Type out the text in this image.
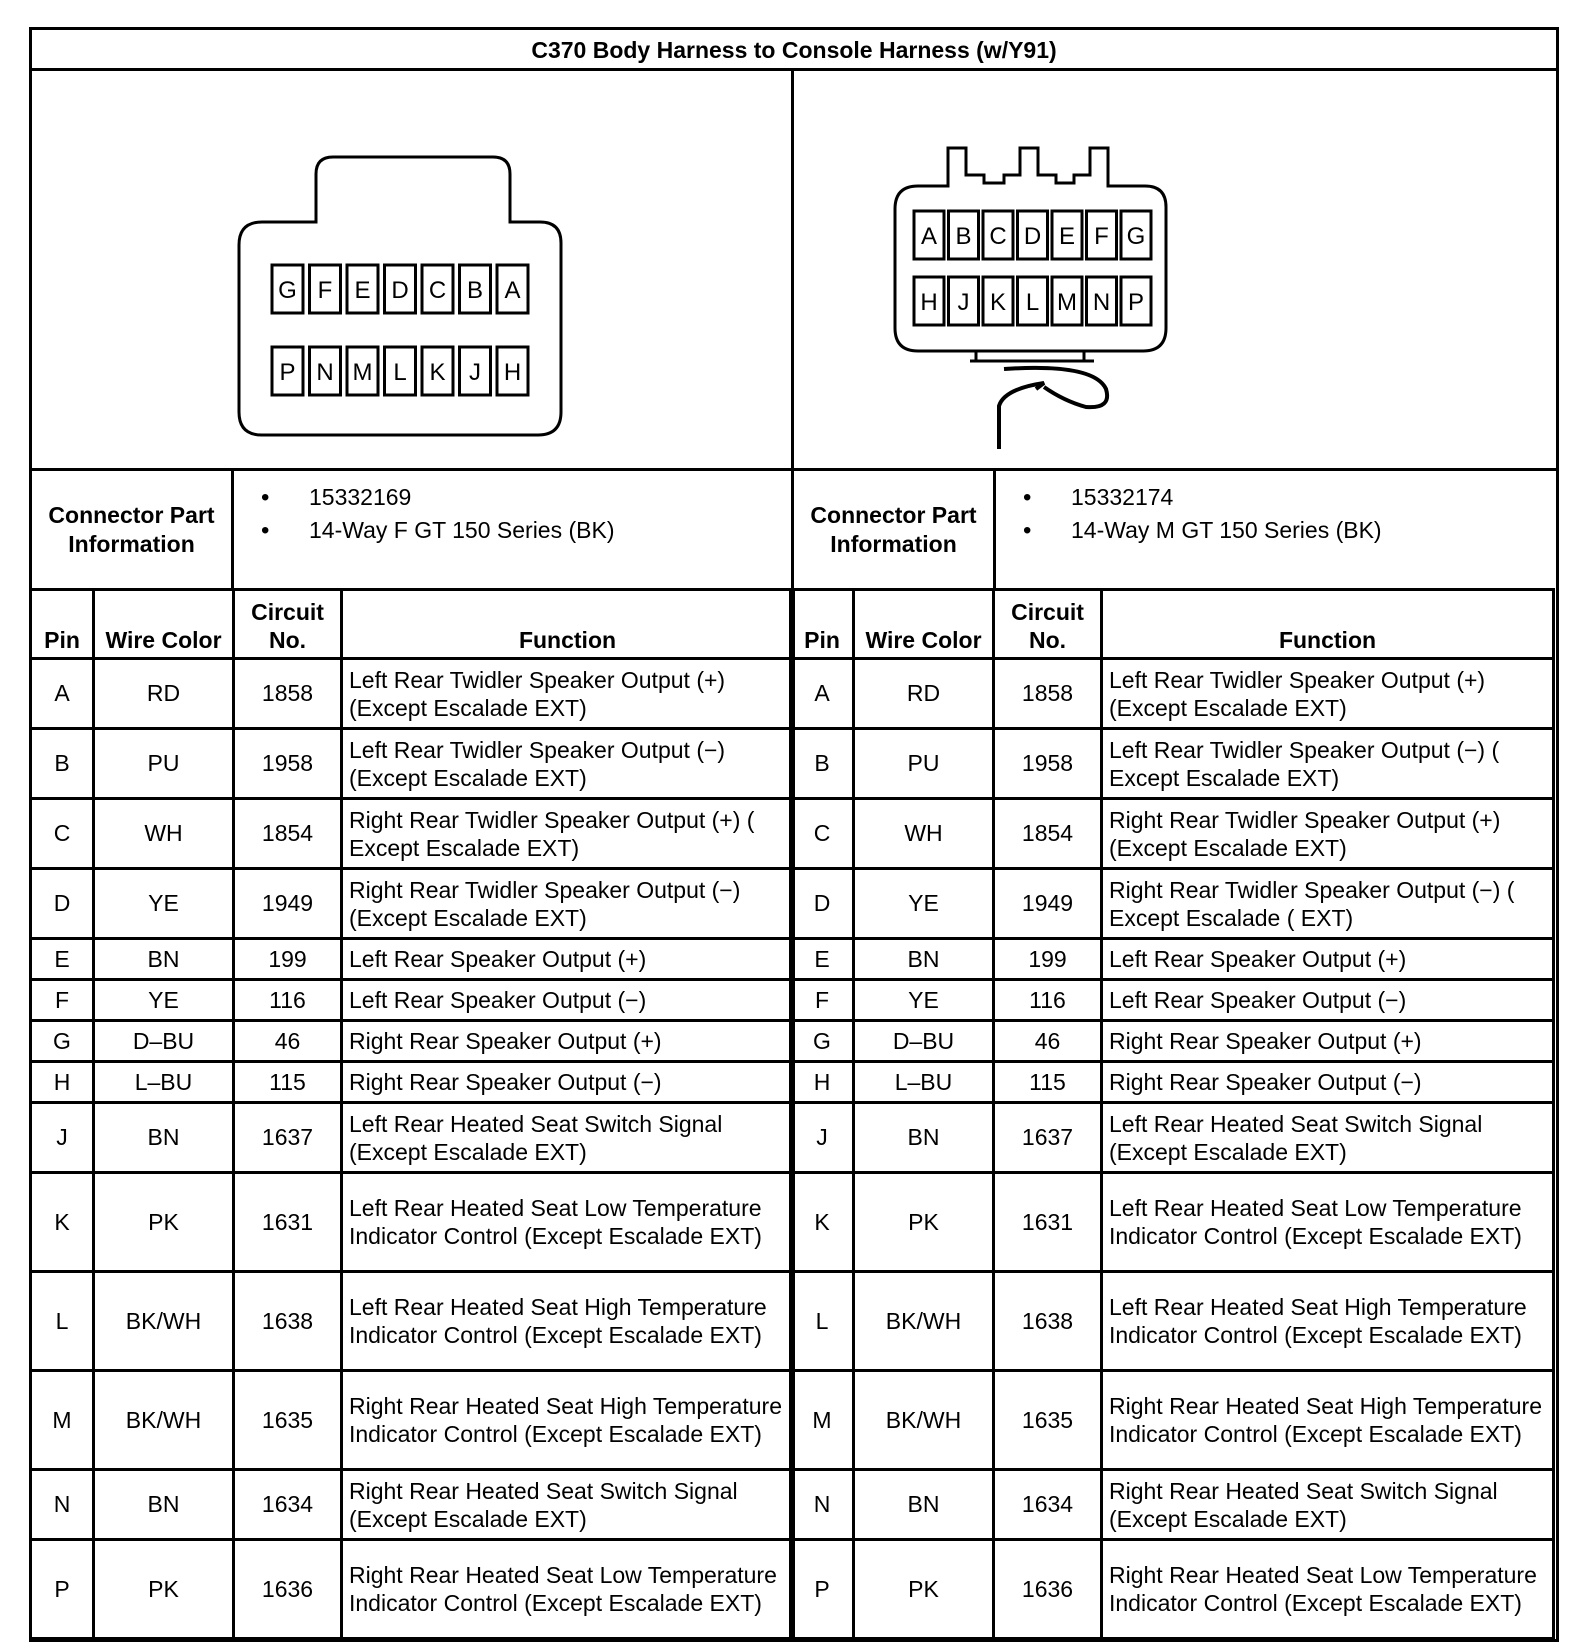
C370 Body Harness to Console Harness (w/Y91)
G F E D C B A
P N M L K J H
A B C D E F G
H J K L M N P
Connector Part Information
• 15332169
• 14-Way F GT 150 Series (BK)
Connector Part Information
• 15332174
• 14-Way M GT 150 Series (BK)
Pin	Wire Color	Circuit No.	Function
A	RD	1858	Left Rear Twidler Speaker Output (+) (Except Escalade EXT)
B	PU	1958	Left Rear Twidler Speaker Output (−) (Except Escalade EXT)
C	WH	1854	Right Rear Twidler Speaker Output (+) ( Except Escalade EXT)
D	YE	1949	Right Rear Twidler Speaker Output (−) (Except Escalade EXT)
E	BN	199	Left Rear Speaker Output (+)
F	YE	116	Left Rear Speaker Output (−)
G	D–BU	46	Right Rear Speaker Output (+)
H	L–BU	115	Right Rear Speaker Output (−)
J	BN	1637	Left Rear Heated Seat Switch Signal (Except Escalade EXT)
K	PK	1631	Left Rear Heated Seat Low Temperature Indicator Control (Except Escalade EXT)
L	BK/WH	1638	Left Rear Heated Seat High Temperature Indicator Control (Except Escalade EXT)
M	BK/WH	1635	Right Rear Heated Seat High Temperature Indicator Control (Except Escalade EXT)
N	BN	1634	Right Rear Heated Seat Switch Signal (Except Escalade EXT)
P	PK	1636	Right Rear Heated Seat Low Temperature Indicator Control (Except Escalade EXT)
Pin	Wire Color	Circuit No.	Function
A	RD	1858	Left Rear Twidler Speaker Output (+) (Except Escalade EXT)
B	PU	1958	Left Rear Twidler Speaker Output (−) ( Except Escalade EXT)
C	WH	1854	Right Rear Twidler Speaker Output (+) (Except Escalade EXT)
D	YE	1949	Right Rear Twidler Speaker Output (−) ( Except Escalade ( EXT)
E	BN	199	Left Rear Speaker Output (+)
F	YE	116	Left Rear Speaker Output (−)
G	D–BU	46	Right Rear Speaker Output (+)
H	L–BU	115	Right Rear Speaker Output (−)
J	BN	1637	Left Rear Heated Seat Switch Signal (Except Escalade EXT)
K	PK	1631	Left Rear Heated Seat Low Temperature Indicator Control (Except Escalade EXT)
L	BK/WH	1638	Left Rear Heated Seat High Temperature Indicator Control (Except Escalade EXT)
M	BK/WH	1635	Right Rear Heated Seat High Temperature Indicator Control (Except Escalade EXT)
N	BN	1634	Right Rear Heated Seat Switch Signal (Except Escalade EXT)
P	PK	1636	Right Rear Heated Seat Low Temperature Indicator Control (Except Escalade EXT)
